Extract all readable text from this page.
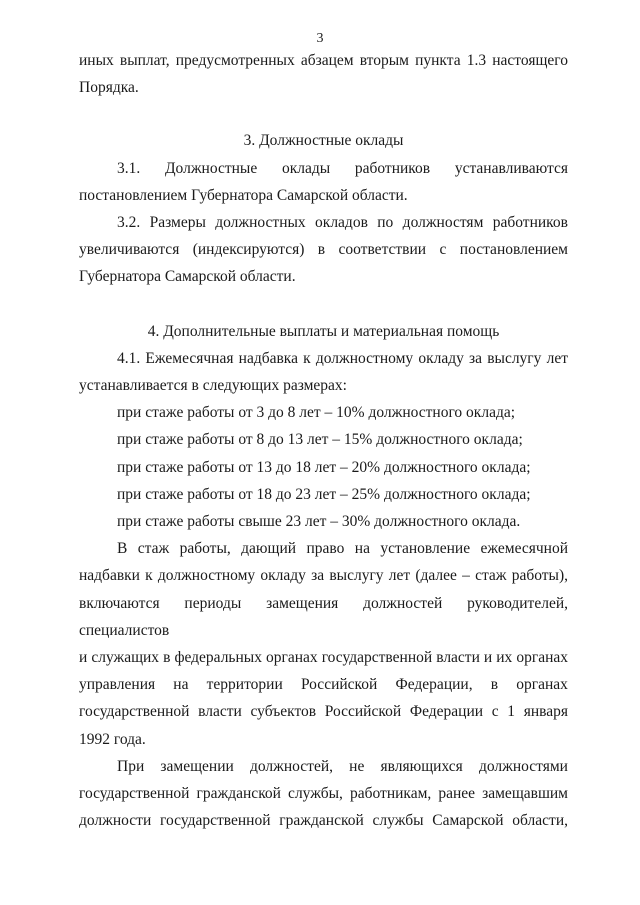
3

иных выплат, предусмотренных абзацем вторым пункта 1.3 настоящего

Порядка.

3. Должностные оклады

3.1. Должностные оклады работников устанавливаются

постановлением Губернатора Самарской области.

3.2. Размеры должностных окладов по должностям работников

увеличиваются (индексируются) в соответствии с постановлением

Губернатора Самарской области.

4. Дополнительные выплаты и материальная помощь

4.1. Ежемесячная надбавка к должностному окладу за выслугу лет

устанавливается в следующих размерах:

при стаже работы от 3 до 8 лет – 10% должностного оклада;

при стаже работы от 8 до 13 лет – 15% должностного оклада;

при стаже работы от 13 до 18 лет – 20% должностного оклада;

при стаже работы от 18 до 23 лет – 25% должностного оклада;

при стаже работы свыше 23 лет – 30% должностного оклада.

В стаж работы, дающий право на установление ежемесячной

надбавки к должностному окладу за выслугу лет (далее – стаж работы),

включаются периоды замещения должностей руководителей, специалистов

и служащих в федеральных органах государственной власти и их органах

управления на территории Российской Федерации, в органах

государственной власти субъектов Российской Федерации с 1 января

1992 года.

При замещении должностей, не являющихся должностями

государственной гражданской службы, работникам, ранее замещавшим

должности государственной гражданской службы Самарской области,
